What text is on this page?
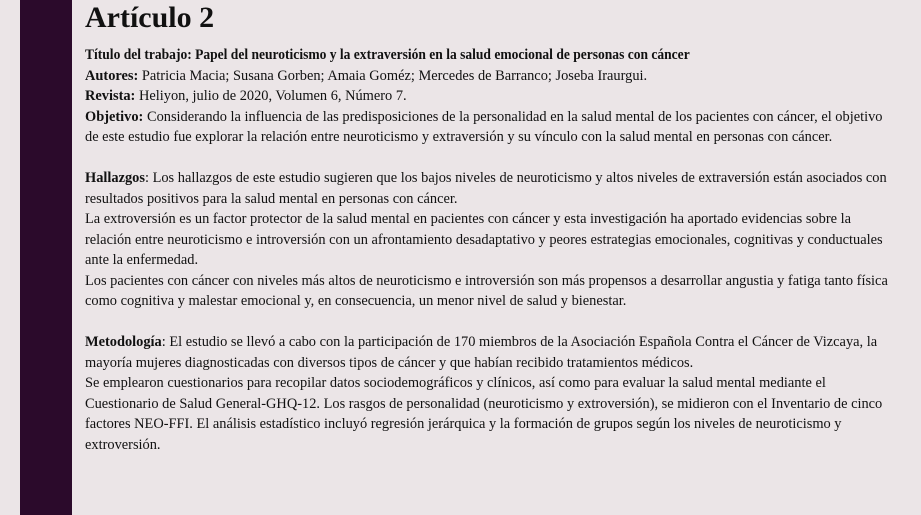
Artículo 2

Título del trabajo: Papel del neuroticismo y la extraversión en la salud emocional de personas con cáncer

Autores: Patricia Macia; Susana Gorben; Amaia Goméz; Mercedes de Barranco; Joseba Iraurgui.

Revista: Heliyon, julio de 2020, Volumen 6, Número 7.

Objetivo: Considerando la influencia de las predisposiciones de la personalidad en la salud mental de los pacientes con cáncer, el objetivo de este estudio fue explorar la relación entre neuroticismo y extraversión y su vínculo con la salud mental en personas con cáncer.

Hallazgos: Los hallazgos de este estudio sugieren que los bajos niveles de neuroticismo y altos niveles de extraversión están asociados con resultados positivos para la salud mental en personas con cáncer.

La extroversión es un factor protector de la salud mental en pacientes con cáncer y esta investigación ha aportado evidencias sobre la relación entre neuroticismo e introversión con un afrontamiento desadaptativo y peores estrategias emocionales, cognitivas y conductuales ante la enfermedad.

Los pacientes con cáncer con niveles más altos de neuroticismo e introversión son más propensos a desarrollar angustia y fatiga tanto física como cognitiva y malestar emocional y, en consecuencia, un menor nivel de salud y bienestar.

Metodología: El estudio se llevó a cabo con la participación de 170 miembros de la Asociación Española Contra el Cáncer de Vizcaya, la mayoría mujeres diagnosticadas con diversos tipos de cáncer y que habían recibido tratamientos médicos.

Se emplearon cuestionarios para recopilar datos sociodemográficos y clínicos, así como para evaluar la salud mental mediante el Cuestionario de Salud General-GHQ-12. Los rasgos de personalidad (neuroticismo y extroversión), se midieron con el Inventario de cinco factores NEO-FFI. El análisis estadístico incluyó regresión jerárquica y la formación de grupos según los niveles de neuroticismo y extroversión.
